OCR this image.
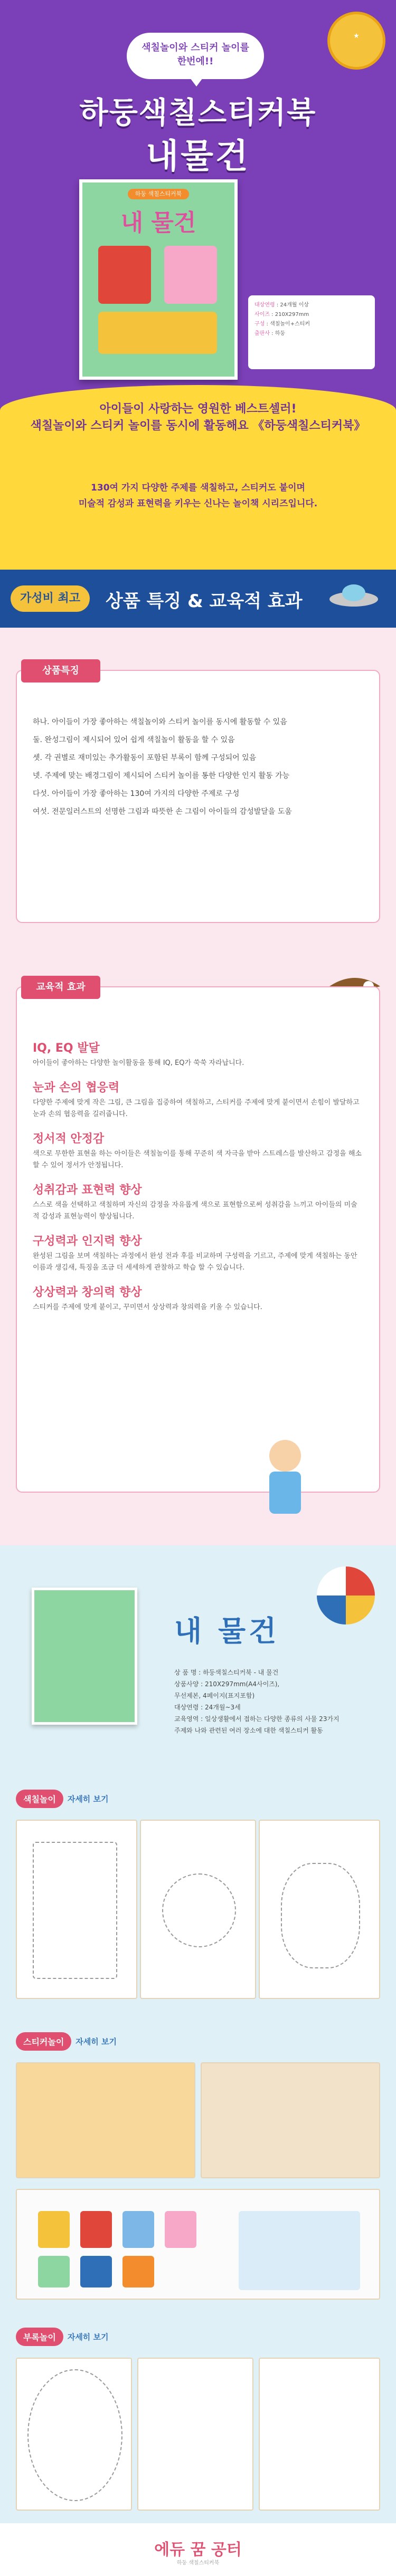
★
색칠놀이와 스티커 놀이를
한번에!!
하둥색칠스티커북
내물건
하둥 색칠스티커북
내 물건
대상연령 : 24개월 이상
사이즈 : 210X297mm
구성 : 색칠놀이+스티커
출판사 : 하둥
아이들이 사랑하는 영원한 베스트셀러!
색칠놀이와 스티커 놀이를 동시에 활동해요 《하둥색칠스티커북》
130여 가지 다양한 주제를 색칠하고, 스티커도 붙이며
미술적 감성과 표현력을 키우는 신나는 놀이책 시리즈입니다.
가성비 최고	상품 특징 & 교육적 효과
하나. 아이들이 가장 좋아하는 색칠놀이와 스티커 놀이를 동시에 활동할 수 있음
둘. 완성그림이 제시되어 있어 쉽게 색칠놀이 활동을 할 수 있음
셋. 각 권별로 재미있는 추가활동이 포함된 부록이 함께 구성되어 있음
넷. 주제에 맞는 배경그림이 제시되어 스티커 놀이를 통한 다양한 인지 활동 가능
다섯. 아이들이 가장 좋아하는 130여 가지의 다양한 주제로 구성
여섯. 전문일러스트의 선명한 그림과 따뜻한 손 그림이 아이들의 감성발달을 도움
상품특징
IQ, EQ 발달
아이들이 좋아하는 다양한 놀이활동을 통해 IQ, EQ가 쑥쑥 자라납니다.
눈과 손의 협응력
다양한 주제에 맞게 작은 그림, 큰 그림을 집중하여 색칠하고, 스티커를 주제에 맞게 붙이면서 손힘이 발달하고 눈과 손의 협응력을 길러줍니다.
정서적 안정감
색으로 무한한 표현을 하는 아이들은 색칠놀이를 통해 꾸준히 색 자극을 받아 스트레스를 발산하고 감정을 해소할 수 있어 정서가 안정됩니다.
성취감과 표현력 향상
스스로 색을 선택하고 색칠하며 자신의 감정을 자유롭게 색으로 표현함으로써 성취감을 느끼고 아이들의 미술적 감성과 표현능력이 향상됩니다.
구성력과 인지력 향상
완성된 그림을 보며 색칠하는 과정에서 완성 전과 후를 비교하며 구성력을 기르고, 주제에 맞게 색칠하는 동안 이름과 생김새, 특징을 조금 더 세세하게 관찰하고 학습 할 수 있습니다.
상상력과 창의력 향상
스티커를 주제에 맞게 붙이고, 꾸미면서 상상력과 창의력을 키울 수 있습니다.
교육적 효과
내 물건
상 품 명 : 하둥색칠스티커북 - 내 물건
상품사양 : 210X297mm(A4사이즈),
무선제본, 4페이지(표지포함)
대상연령 : 24개월~3세
교육영역 : 일상생활에서 접하는 다양한 종류의 사물 23가지
주제와 나와 관련된 여러 장소에 대한 색칠스티커 활동
색칠놀이	자세히 보기
스티커놀이	자세히 보기
부록놀이	자세히 보기
에듀 꿈 공터
하둥 색칠스티커북
